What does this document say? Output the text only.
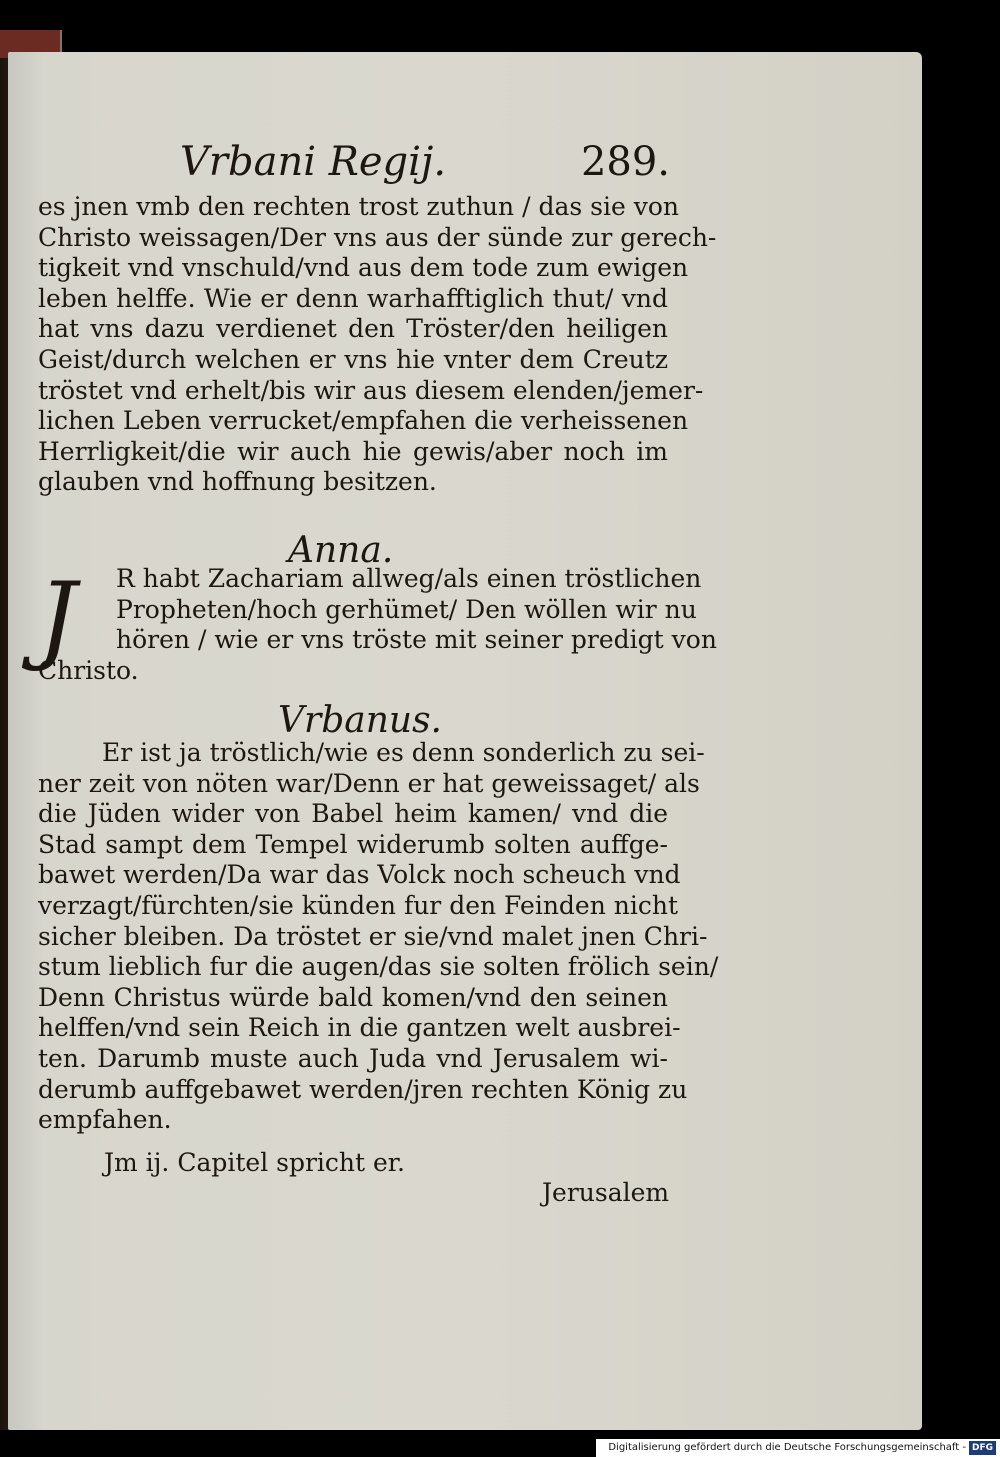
Vrbani Regij.	289.
es jnen vmb den rechten trost zuthun / das sie von
Christo weissagen/Der vns aus der sünde zur gerech-
tigkeit vnd vnschuld/vnd aus dem tode zum ewigen
leben helffe. Wie er denn warhafftiglich thut/ vnd
hat vns dazu verdienet den Tröster/den heiligen
Geist/durch welchen er vns hie vnter dem Creutz
tröstet vnd erhelt/bis wir aus diesem elenden/jemer-
lichen Leben verrucket/empfahen die verheissenen
Herrligkeit/die wir auch hie gewis/aber noch im
glauben vnd hoffnung besitzen.
Anna.
J	R habt Zachariam allweg/als einen tröstlichen
Propheten/hoch gerhümet/ Den wöllen wir nu
hören / wie er vns tröste mit seiner predigt von
Christo.
Vrbanus.
Er ist ja tröstlich/wie es denn sonderlich zu sei-
ner zeit von nöten war/Denn er hat geweissaget/ als
die Jüden wider von Babel heim kamen/ vnd die
Stad sampt dem Tempel widerumb solten auffge-
bawet werden/Da war das Volck noch scheuch vnd
verzagt/fürchten/sie künden fur den Feinden nicht
sicher bleiben. Da tröstet er sie/vnd malet jnen Chri-
stum lieblich fur die augen/das sie solten frölich sein/
Denn Christus würde bald komen/vnd den seinen
helffen/vnd sein Reich in die gantzen welt ausbrei-
ten. Darumb muste auch Juda vnd Jerusalem wi-
derumb auffgebawet werden/jren rechten König zu
empfahen.
Jm ij. Capitel spricht er.
Jerusalem
Digitalisierung gefördert durch die Deutsche Forschungsgemeinschaft - DFG
